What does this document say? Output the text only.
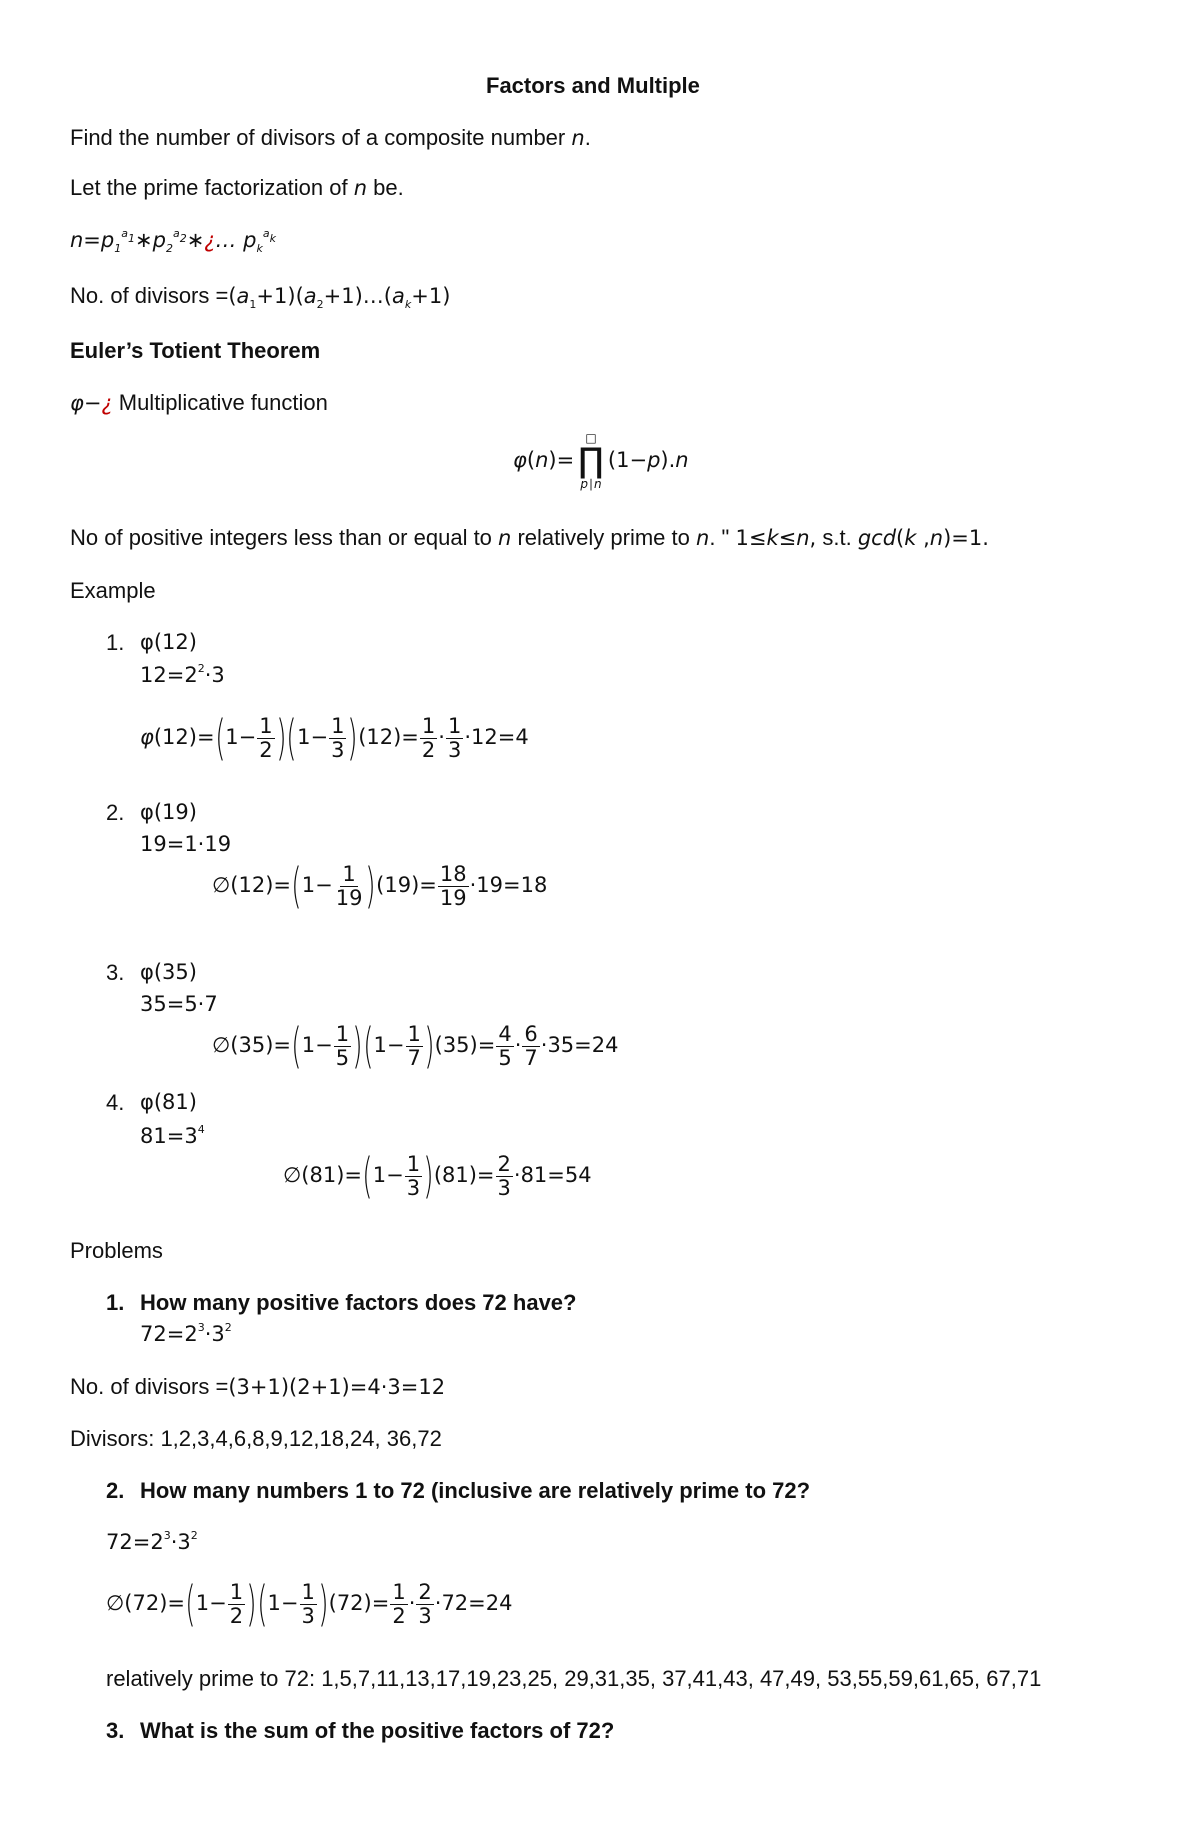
Factors and Multiple
Find the number of divisors of a composite number n.
Let the prime factorization of n be.
$n=p_1^{a_1}∗p_2^{a_2}∗¿\dots$ $p_k^{a_k}$
No. of divisors $=(a_1+1)(a_2+1)\dots(a_k+1)$
Euler’s Totient Theorem
φ−¿ Multiplicative function
φ(n)=
□
∏
p∣n
(1−p).n
No of positive integers less than or equal to n relatively prime to n. " 1≤k≤n, s.t. gcd(k ,n)=1.
Example
1. φ(12)
$12=2^2\cdot 3$
$\varphi(12)=(1- \frac{1}{2} )(1- \frac{1}{3} )(12)= \frac{1}{2} \cdot \frac{1}{3} \cdot 12=4$
2. φ(19)
19=1·19
∅(12)=(1− $\frac{1}{19} )(19)= \frac{18}{19} \cdot 19=18$
3. φ(35)
35=5·7
∅(35)=(1− $\frac{1}{5} )(1- \frac{1}{7} )(35)= \frac{4}{5} \cdot \frac{6}{7} \cdot 35=24$
4. φ(81)
$81=3^4$
∅(81)=(1− $\frac{1}{3} )(81)= \frac{2}{3} \cdot 81=54$
Problems
1. How many positive factors does 72 have?
$72=2^3\cdot 3^2$
No. of divisors =(3+1)(2+1)=4·3=12
Divisors: 1,2,3,4,6,8,9,12,18,24, 36,72
2. How many numbers 1 to 72 (inclusive are relatively prime to 72?
$72=2^3\cdot 3^2$
∅(72)=(1− $\frac{1}{2} )(1- \frac{1}{3} )(72)= \frac{1}{2} \cdot \frac{2}{3} \cdot 72=24$
relatively prime to 72: 1,5,7,11,13,17,19,23,25, 29,31,35, 37,41,43, 47,49, 53,55,59,61,65, 67,71
3. What is the sum of the positive factors of 72?
